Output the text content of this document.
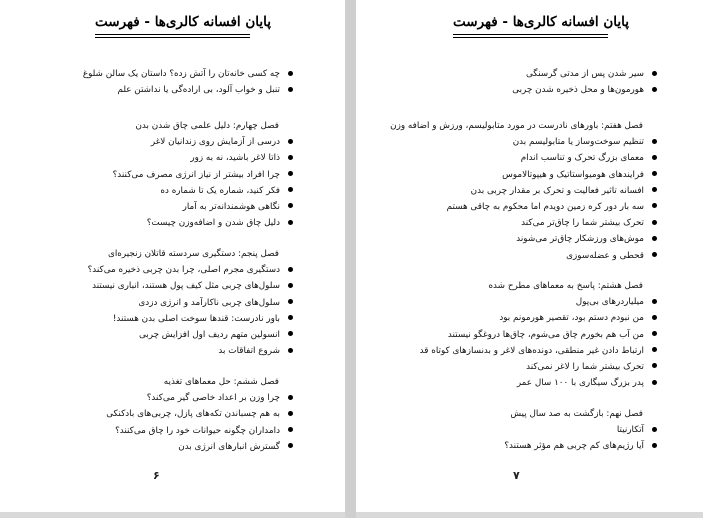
پایان افسانه کالری‌ها - فهرست
چه کسی خانه‌تان را آتش زده؟ داستان یک سالن شلوغ
تنبل و خواب آلود، بی اراده‌گی یا نداشتن علم
فصل چهارم: دلیل علمی چاق شدن بدن
درسی از آزمایش روی زندانیان لاغر
ذاتا لاغر باشید، نه به زور
چرا افراد بیشتر از نیاز انرژی مصرف می‌کنند؟
فکر کنید، شماره یک تا شماره ده
نگاهی هوشمندانه‌تر به آمار
دلیل چاق شدن و اضافه‌وزن چیست؟
فصل پنجم: دستگیری سردسته قاتلان زنجیره‌ای
دستگیری مجرم اصلی، چرا بدن چربی ذخیره می‌کند؟
سلول‌های چربی مثل کیف پول هستند، انباری نیستند
سلول‌های چربی ناکارآمد و انرژی دزدی
باور نادرست: قندها سوخت اصلی بدن هستند!
انسولین متهم ردیف اول افزایش چربی
شروع اتفاقات بد
فصل ششم: حل معماهای تغذیه
چرا وزن بر اعداد خاصی گیر می‌کند؟
به هم چسباندن تکه‌های پازل، چربی‌های بادکنکی
دامداران چگونه حیوانات خود را چاق می‌کنند؟
گسترش انبارهای انرژی بدن
۶
پایان افسانه کالری‌ها - فهرست
سیر شدن پس از مدتی گرسنگی
هورمون‌ها و محل ذخیره شدن چربی
فصل هفتم: باورهای نادرست در مورد متابولیسم، ورزش و اضافه وزن
تنظیم سوخت‌وساز یا متابولیسم بدن
معمای بزرگ تحرک و تناسب اندام
فرایندهای هومیواستاتیک و هیپوتالاموس
افسانه تاثیر فعالیت و تحرک بر مقدار چربی بدن
سه بار دور کره زمین دویدم اما محکوم به چاقی هستم
تحرک بیشتر شما را چاق‌تر می‌کند
موش‌های ورزشکار چاق‌تر می‌شوند
قحطی و عضله‌سوزی
فصل هشتم: پاسخ به معماهای مطرح شده
میلیاردرهای بی‌پول
من نبودم دستم بود، تقصیر هورمونم بود
من آب هم بخورم چاق می‌شوم، چاق‌ها دروغگو نیستند
ارتباط دادن غیر منطقی، دونده‌های لاغر و بدنسازهای کوتاه قد
تحرک بیشتر شما را لاغر نمی‌کند
پدر بزرگ سیگاری با ۱۰۰ سال عمر
فصل نهم: بازگشت به صد سال پیش
آتکارنیتا
آیا رژیم‌های کم چربی هم مؤثر هستند؟
۷
